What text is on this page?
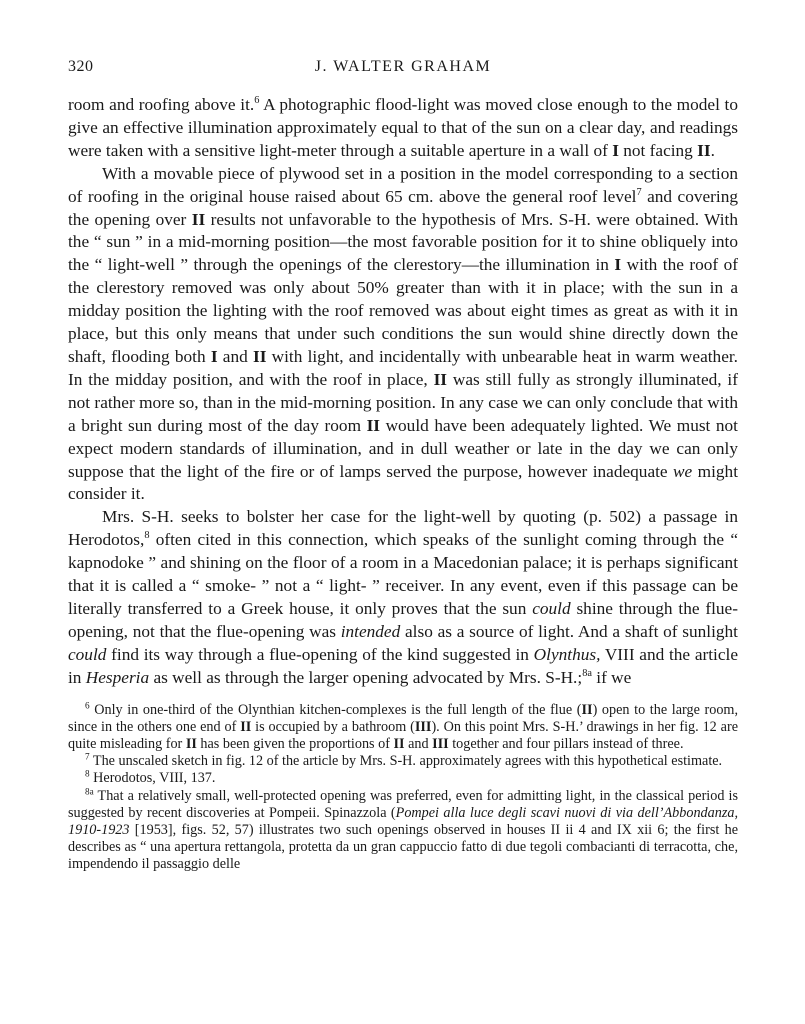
320	J. WALTER GRAHAM

room and roofing above it.$^6$ A photographic flood-light was moved close enough to the model to give an effective illumination approximately equal to that of the sun on a clear day, and readings were taken with a sensitive light-meter through a suitable aperture in a wall of I not facing II.

With a movable piece of plywood set in a position in the model corresponding to a section of roofing in the original house raised about 65 cm. above the general roof level$^7$ and covering the opening over II results not unfavorable to the hypothesis of Mrs. S-H. were obtained. With the “ sun ” in a mid-morning position—the most favorable position for it to shine obliquely into the “ light-well ” through the openings of the clerestory—the illumination in I with the roof of the clerestory removed was only about 50% greater than with it in place; with the sun in a midday position the lighting with the roof removed was about eight times as great as with it in place, but this only means that under such conditions the sun would shine directly down the shaft, flooding both I and II with light, and incidentally with unbearable heat in warm weather. In the midday position, and with the roof in place, II was still fully as strongly illuminated, if not rather more so, than in the mid-morning position. In any case we can only conclude that with a bright sun during most of the day room II would have been adequately lighted. We must not expect modern standards of illumination, and in dull weather or late in the day we can only suppose that the light of the fire or of lamps served the purpose, however inadequate we might consider it.

Mrs. S-H. seeks to bolster her case for the light-well by quoting (p. 502) a passage in Herodotos,$^8$ often cited in this connection, which speaks of the sunlight coming through the “ kapnodoke ” and shining on the floor of a room in a Macedonian palace; it is perhaps significant that it is called a “ smoke- ” not a “ light- ” receiver. In any event, even if this passage can be literally transferred to a Greek house, it only proves that the sun could shine through the flue-opening, not that the flue-opening was intended also as a source of light. And a shaft of sunlight could find its way through a flue-opening of the kind suggested in Olynthus, VIII and the article in Hesperia as well as through the larger opening advocated by Mrs. S-H.;$^{8a}$ if we

$^6$ Only in one-third of the Olynthian kitchen-complexes is the full length of the flue (II) open to the large room, since in the others one end of II is occupied by a bathroom (III). On this point Mrs. S-H.’ drawings in her fig. 12 are quite misleading for II has been given the proportions of II and III together and four pillars instead of three.

$^7$ The unscaled sketch in fig. 12 of the article by Mrs. S-H. approximately agrees with this hypothetical estimate.

$^8$ Herodotos, VIII, 137.

$^{8a}$ That a relatively small, well-protected opening was preferred, even for admitting light, in the classical period is suggested by recent discoveries at Pompeii. Spinazzola (Pompei alla luce degli scavi nuovi di via dell’Abbondanza, 1910-1923 [1953], figs. 52, 57) illustrates two such openings observed in houses II ii 4 and IX xii 6; the first he describes as “ una apertura rettangola, protetta da un gran cappuccio fatto di due tegoli combacianti di terracotta, che, impendendo il passaggio delle
